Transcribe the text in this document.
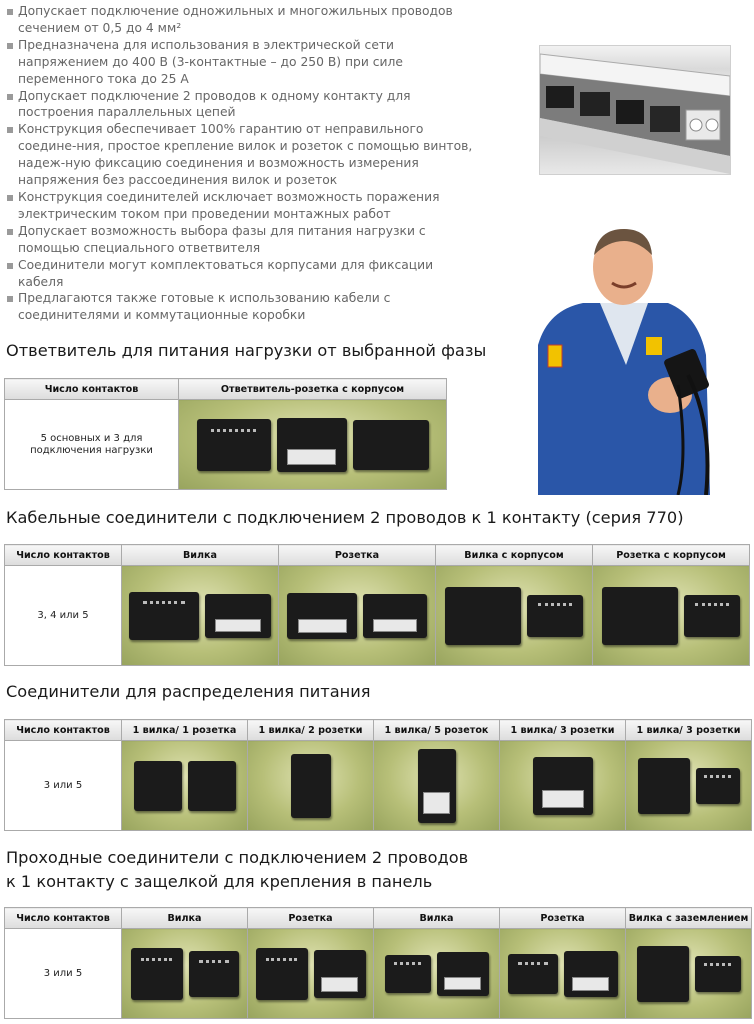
Допускает подключение одножильных и многожильных проводов сечением от 0,5 до 4 мм²
Предназначена для использования в электрической сети напряжением до 400 В (3-контактные – до 250 В) при силе переменного тока до 25 А
Допускает подключение 2 проводов к одному контакту для построения параллельных цепей
Конструкция обеспечивает 100% гарантию от неправильного соедине-ния, простое крепление вилок и розеток с помощью винтов, надеж-ную фиксацию соединения и возможность измерения напряжения без рассоединения вилок и розеток
Конструкция соединителей исключает возможность поражения электрическим током при проведении монтажных работ
Допускает возможность выбора фазы для питания нагрузки с помощью специального ответвителя
Соединители могут комплектоваться корпусами для фиксации кабеля
Предлагаются также готовые к использованию кабели с соединителями и коммутационные коробки
Ответвитель для питания нагрузки от выбранной фазы
Число контактов	Ответвитель-розетка с корпусом
5 основных и 3 для подключения нагрузки	
Кабельные соединители с подключением 2 проводов к 1 контакту (серия 770)
Число контактов	Вилка	Розетка	Вилка с корпусом	Розетка с корпусом
3, 4 или 5	

Соединители для распределения питания
Число контактов	1 вилка/ 1 розетка	1 вилка/ 2 розетки	1 вилка/ 5 розеток	1 вилка/ 3 розетки	1 вилка/ 3 розетки
3 или 5	

Проходные соединители с подключением 2 проводов
к 1 контакту с защелкой для крепления в панель
Число контактов	Вилка	Розетка	Вилка	Розетка	Вилка с заземлением
3 или 5	
